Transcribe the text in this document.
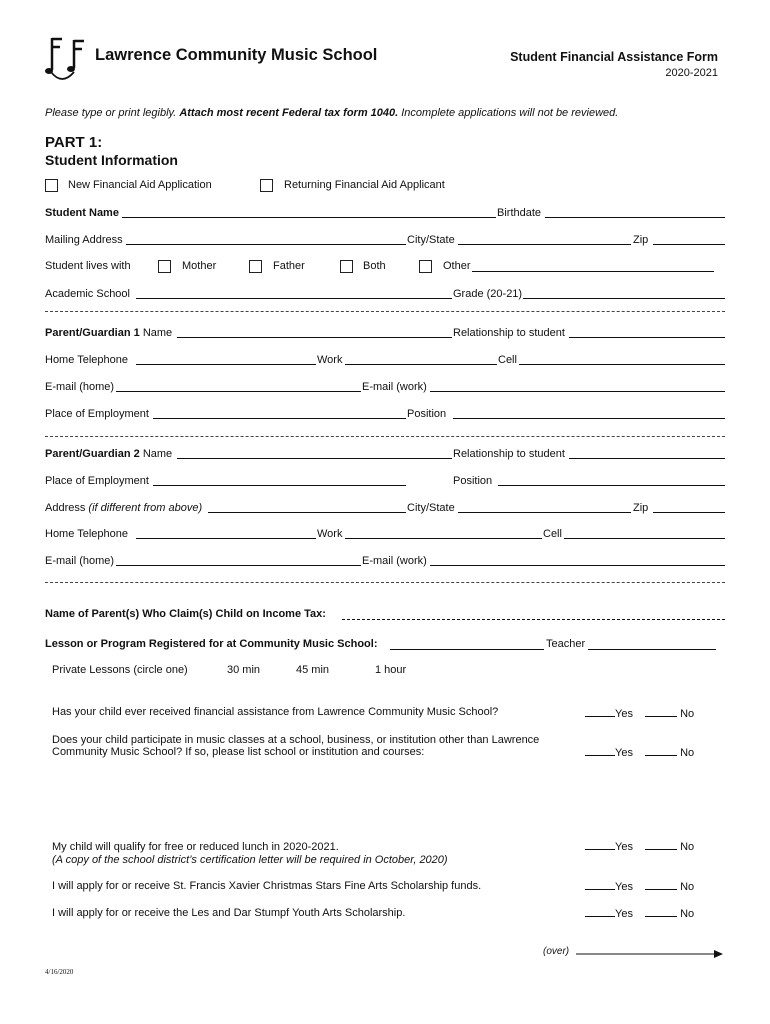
Lawrence Community Music School	Student Financial Assistance Form
2020-2021
Please type or print legibly. Attach most recent Federal tax form 1040. Incomplete applications will not be reviewed.
PART 1:
Student Information
New Financial Aid Application	Returning Financial Aid Applicant
Student Name	Birthdate
Mailing Address	City/State	Zip
Student lives with	Mother	Father	Both	Other
Academic School	Grade (20-21)
Parent/Guardian 1 Name	Relationship to student
Home Telephone	Work	Cell
E-mail (home)	E-mail (work)
Place of Employment	Position
Parent/Guardian 2 Name	Relationship to student
Place of Employment	Position
Address (if different from above)	City/State	Zip
Home Telephone	Work	Cell
E-mail (home)	E-mail (work)
Name of Parent(s) Who Claim(s) Child on Income Tax:
Lesson or Program Registered for at Community Music School:	Teacher
Private Lessons (circle one)	30 min	45 min	1 hour
Has your child ever received financial assistance from Lawrence Community Music School?	Yes	No
Does your child participate in music classes at a school, business, or institution other than Lawrence
Community Music School? If so, please list school or institution and courses:	Yes	No
My child will qualify for free or reduced lunch in 2020-2021.
(A copy of the school district’s certification letter will be required in October, 2020)
Yes	No
I will apply for or receive St. Francis Xavier Christmas Stars Fine Arts Scholarship funds.	Yes	No
I will apply for or receive the Les and Dar Stumpf Youth Arts Scholarship.	Yes	No
(over)
4/16/2020
